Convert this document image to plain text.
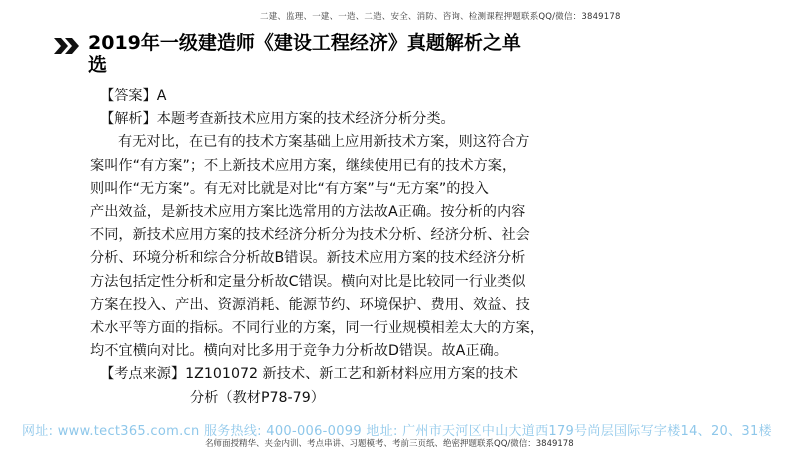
二建、监理、一建、一造、二造、安全、消防、咨询、检测课程押题联系QQ/微信：3849178
2019年一级建造师《建设工程经济》真题解析之单
选
【答案】A
【解析】本题考查新技术应用方案的技术经济分析分类。
有无对比，在已有的技术方案基础上应用新技术方案，则这符合方
案叫作“有方案”；不上新技术应用方案，继续使用已有的技术方案，
则叫作“无方案”。有无对比就是对比“有方案”与“无方案”的投入
产出效益，是新技术应用方案比选常用的方法故A正确。按分析的内容
不同，新技术应用方案的技术经济分析分为技术分析、经济分析、社会
分析、环境分析和综合分析故B错误。新技术应用方案的技术经济分析
方法包括定性分析和定量分析故C错误。横向对比是比较同一行业类似
方案在投入、产出、资源消耗、能源节约、环境保护、费用、效益、技
术水平等方面的指标。不同行业的方案，同一行业规模相差太大的方案，
均不宜横向对比。横向对比多用于竞争力分析故D错误。故A正确。
【考点来源】1Z101072 新技术、新工艺和新材料应用方案的技术
分析（教材P78-79）
网址: www.tect365.com.cn 服务热线: 400-006-0099 地址: 广州市天河区中山大道西179号尚层国际写字楼14、20、31楼
名师面授精华、夹金内训、考点串讲、习题模考、考前三页纸、绝密押题联系QQ/微信：3849178
